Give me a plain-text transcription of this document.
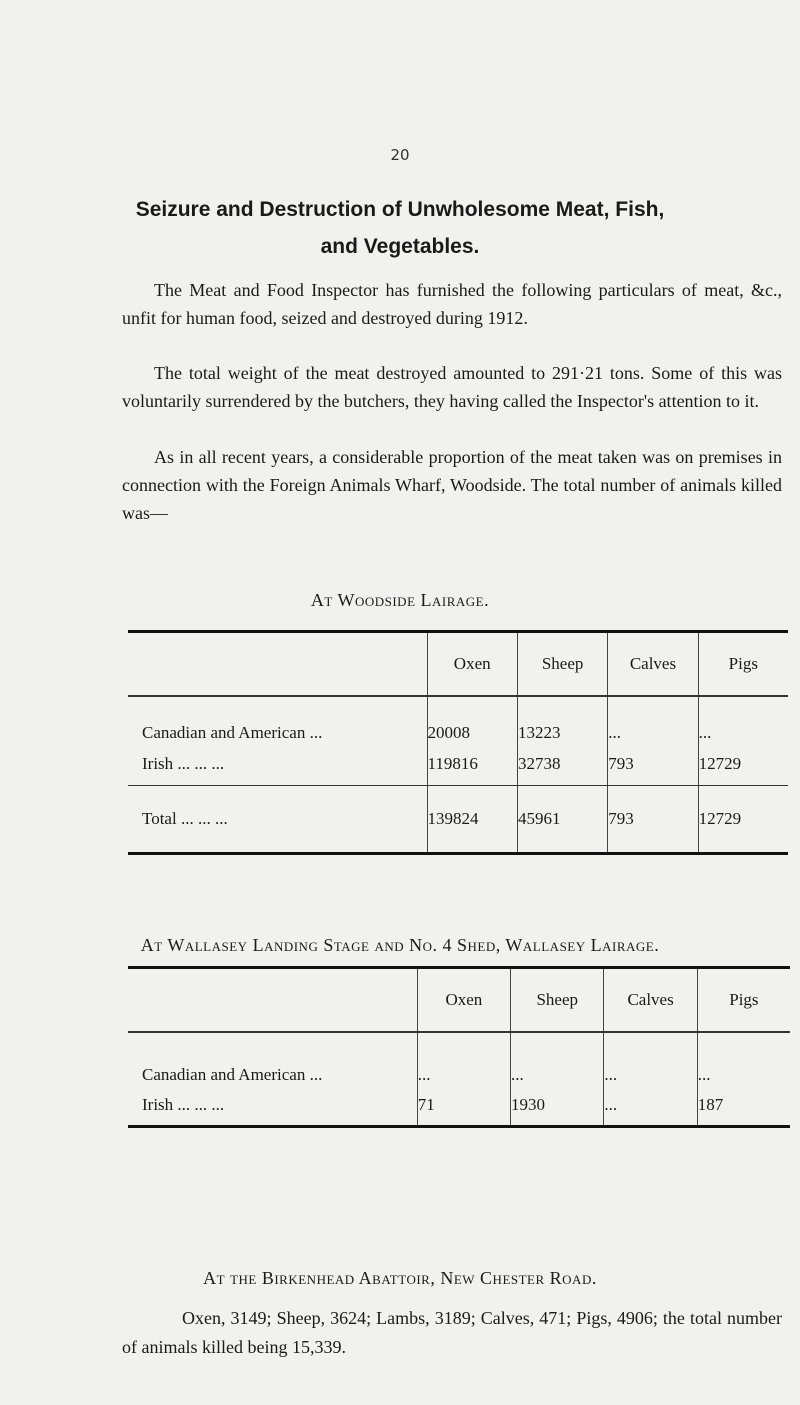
20
Seizure and Destruction of Unwholesome Meat, Fish,
and Vegetables.

The Meat and Food Inspector has furnished the following particulars of meat, &c., unfit for human food, seized and destroyed during 1912.

The total weight of the meat destroyed amounted to 291·21 tons. Some of this was voluntarily surrendered by the butchers, they having called the Inspector's attention to it.

As in all recent years, a considerable proportion of the meat taken was on premises in connection with the Foreign Animals Wharf, Woodside. The total number of animals killed was—

At Woodside Lairage.
	Oxen	Sheep	Calves	Pigs
Canadian and American ...	20008	13223	...	...
Irish ... ... ...	119816	32738	793	12729
Total ... ... ...	139824	45961	793	12729
At Wallasey Landing Stage and No. 4 Shed, Wallasey Lairage.
	Oxen	Sheep	Calves	Pigs
Canadian and American ...	...	...	...	...
Irish ... ... ...	71	1930	...	187
At the Birkenhead Abattoir, New Chester Road.

Oxen, 3149; Sheep, 3624; Lambs, 3189; Calves, 471; Pigs, 4906; the total number of animals killed being 15,339.
